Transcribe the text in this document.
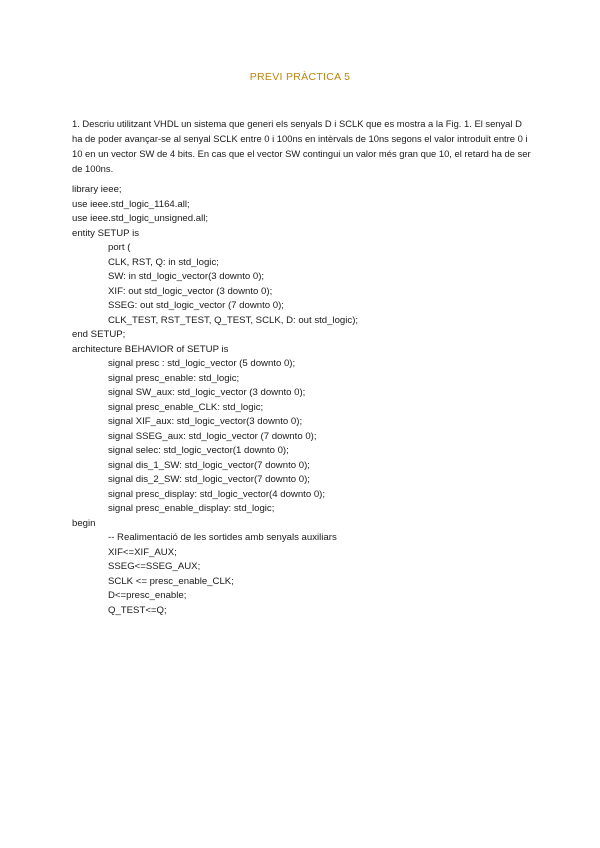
PREVI PRÀCTICA 5

1. Descriu utilitzant VHDL un sistema que generi els senyals D i SCLK que es mostra a la Fig. 1. El senyal D ha de poder avançar-se al senyal SCLK entre 0 i 100ns en intèrvals de 10ns segons el valor introduït entre 0 i 10 en un vector SW de 4 bits. En cas que el vector SW contingui un valor més gran que 10, el retard ha de ser de 100ns.

library ieee;
use ieee.std_logic_1164.all;
use ieee.std_logic_unsigned.all;
entity SETUP is
port (
CLK, RST, Q: in std_logic;
SW: in std_logic_vector(3 downto 0);
XIF: out std_logic_vector (3 downto 0);
SSEG: out std_logic_vector (7 downto 0);
CLK_TEST, RST_TEST, Q_TEST, SCLK, D: out std_logic);
end SETUP;
architecture BEHAVIOR of SETUP is
signal presc : std_logic_vector (5 downto 0);
signal presc_enable: std_logic;
signal SW_aux: std_logic_vector (3 downto 0);
signal presc_enable_CLK: std_logic;
signal XIF_aux: std_logic_vector(3 downto 0);
signal SSEG_aux: std_logic_vector (7 downto 0);
signal selec: std_logic_vector(1 downto 0);
signal dis_1_SW: std_logic_vector(7 downto 0);
signal dis_2_SW: std_logic_vector(7 downto 0);
signal presc_display: std_logic_vector(4 downto 0);
signal presc_enable_display: std_logic;
begin
-- Realimentació de les sortides amb senyals auxiliars
XIF<=XIF_AUX;
SSEG<=SSEG_AUX;
SCLK <= presc_enable_CLK;
D<=presc_enable;
Q_TEST<=Q;
